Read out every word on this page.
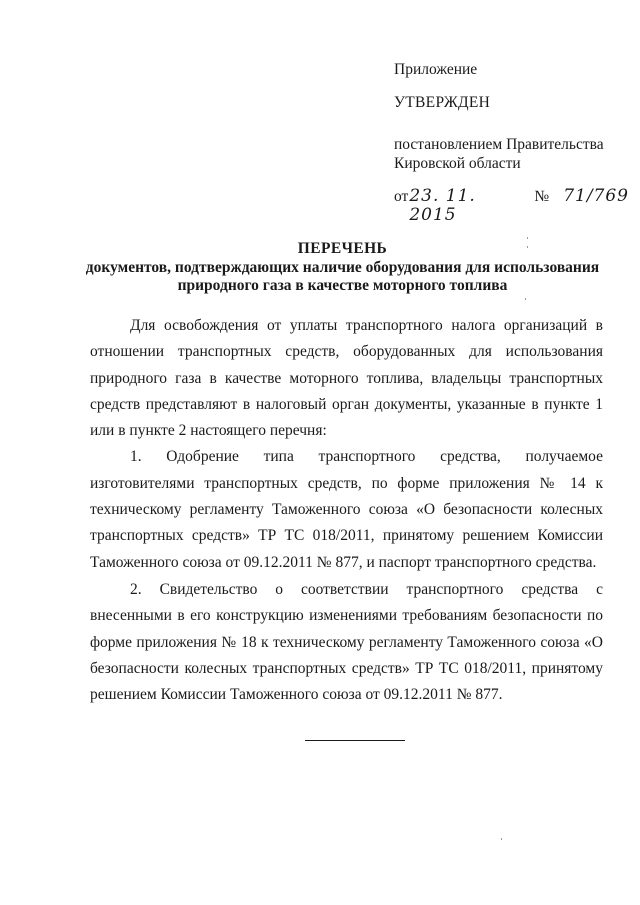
Приложение

УТВЕРЖДЕН

постановлением Правительства

Кировской области

от 23. 11. 2015
№ 71/769
ПЕРЕЧЕНЬ
документов, подтверждающих наличие оборудования для использования
природного газа в качестве моторного топлива

Для освобождения от уплаты транспортного налога организаций в отношении транспортных средств, оборудованных для использования природного газа в качестве моторного топлива, владельцы транспортных средств представляют в налоговый орган документы, указанные в пункте 1 или в пункте 2 настоящего перечня:

1. Одобрение типа транспортного средства, получаемое изготовителями транспортных средств, по форме приложения № 14 к техническому регламенту Таможенного союза «О безопасности колесных транспортных средств» ТР ТС 018/2011, принятому решением Комиссии Таможенного союза от 09.12.2011 № 877, и паспорт транспортного средства.

2. Свидетельство о соответствии транспортного средства с внесенными в его конструкцию изменениями требованиям безопасности по форме приложения № 18 к техническому регламенту Таможенного союза «О безопасности колесных транспортных средств» ТР ТС 018/2011, принятому решением Комиссии Таможенного союза от 09.12.2011 № 877.
